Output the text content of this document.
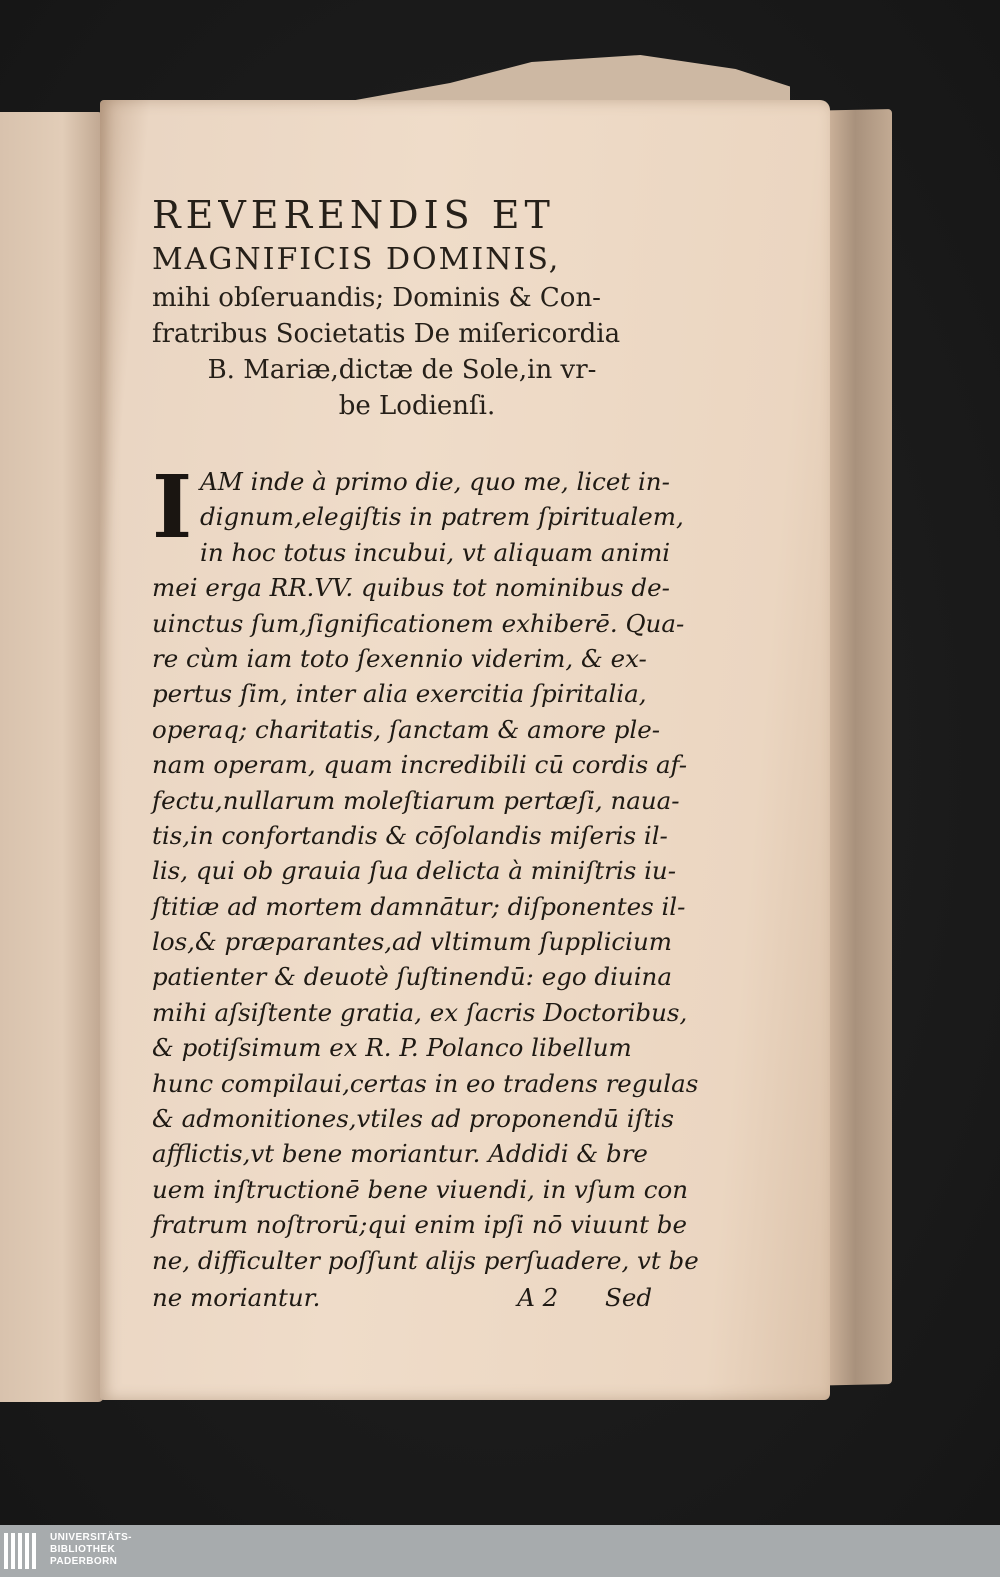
REVERENDIS ET
MAGNIFICIS DOMINIS,
mihi obſeruandis; Dominis & Con-
fratribus Societatis De miſericordia
B. Mariæ,dictæ de Sole,in vr-
be Lodienſi.
I AM inde à primo die, quo me, licet in-
dignum,elegiſtis in patrem ſpiritualem,
in hoc totus incubui, vt aliquam animi
mei erga RR.VV. quibus tot nominibus de-
uinctus ſum,ſignificationem exhiberē. Qua-
re cùm iam toto ſexennio viderim, & ex-
pertus ſim, inter alia exercitia ſpiritalia,
operaq; charitatis, ſanctam & amore ple-
nam operam, quam incredibili cū cordis af-
fectu,nullarum moleſtiarum pertæſi, naua-
tis,in confortandis & cōſolandis miſeris il-
lis, qui ob grauia ſua delicta à miniſtris iu-
ſtitiæ ad mortem damnātur; diſponentes il-
los,& præparantes,ad vltimum ſupplicium
patienter & deuotè ſuſtinendū: ego diuina
mihi aſsiſtente gratia, ex ſacris Doctoribus,
& potiſsimum ex R. P. Polanco libellum
hunc compilaui,certas in eo tradens regulas
& admonitiones,vtiles ad proponendū iſtis
afflictis,vt bene moriantur. Addidi & bre
uem inſtructionē bene viuendi, in vſum con
fratrum noſtrorū;qui enim ipſi nō viuunt be
ne, difficulter poſſunt alijs perſuadere, vt be
ne moriantur.	A 2 Sed
UNIVERSITÄTS-
BIBLIOTHEK
PADERBORN
